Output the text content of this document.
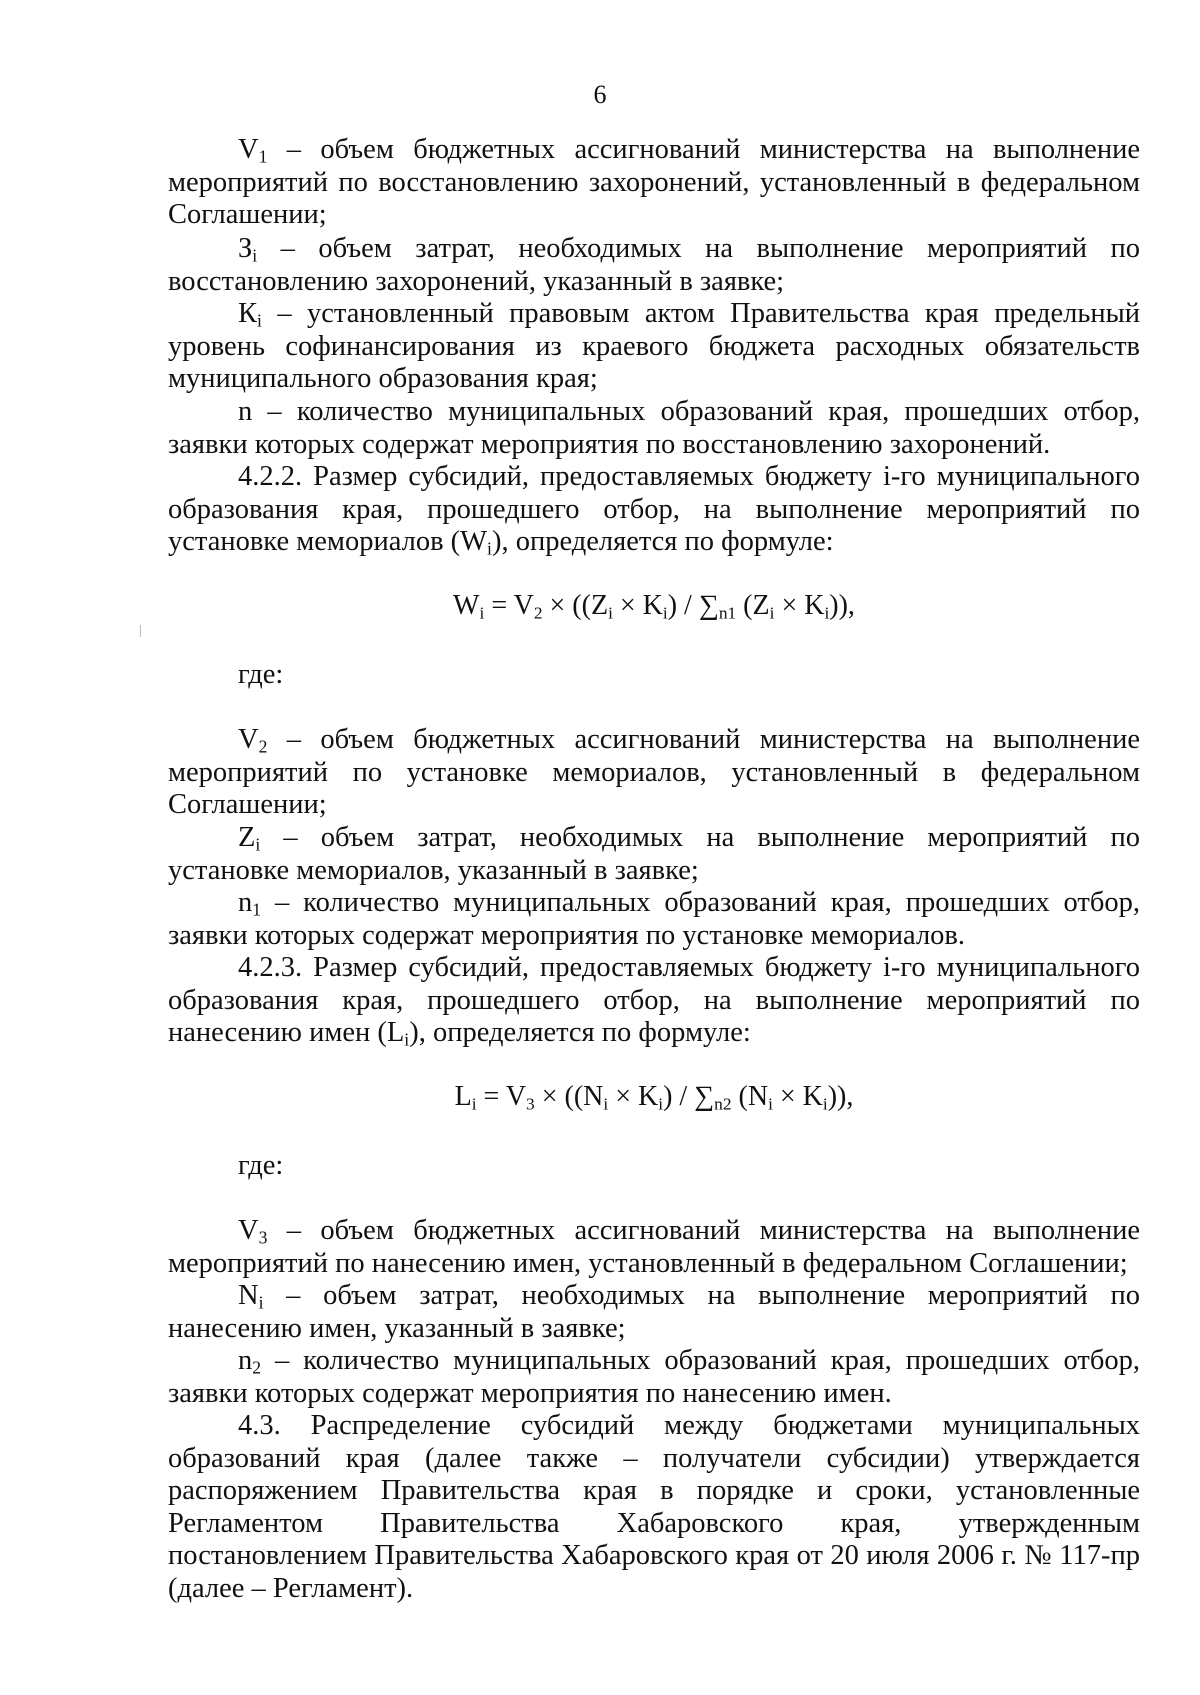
6

$V_1$ – объем бюджетных ассигнований министерства на выполнение мероприятий по восстановлению захоронений, установленный в федеральном Соглашении;

$З_i$ – объем затрат, необходимых на выполнение мероприятий по восстановлению захоронений, указанный в заявке;

$К_i$ – установленный правовым актом Правительства края предельный уровень софинансирования из краевого бюджета расходных обязательств муниципального образования края;

n – количество муниципальных образований края, прошедших отбор, заявки которых содержат мероприятия по восстановлению захоронений.

4.2.2. Размер субсидий, предоставляемых бюджету i-го муниципального образования края, прошедшего отбор, на выполнение мероприятий по установке мемориалов $(W_i)$, определяется по формуле:

$W_i = V_2 \times ((Z_i \times K_i) / \sum_{n1}$ $(Z_i \times K_i)$),

где:

$V_2$ – объем бюджетных ассигнований министерства на выполнение мероприятий по установке мемориалов, установленный в федеральном Соглашении;

$Z_i$ – объем затрат, необходимых на выполнение мероприятий по установке мемориалов, указанный в заявке;

$n_1$ – количество муниципальных образований края, прошедших отбор, заявки которых содержат мероприятия по установке мемориалов.

4.2.3. Размер субсидий, предоставляемых бюджету i-го муниципального образования края, прошедшего отбор, на выполнение мероприятий по нанесению имен $(L_i)$, определяется по формуле:

$L_i = V_3 \times ((N_i \times K_i) / \sum_{n2}$ $(N_i \times K_i)$),

где:

$V_3$ – объем бюджетных ассигнований министерства на выполнение мероприятий по нанесению имен, установленный в федеральном Соглашении;

$N_i$ – объем затрат, необходимых на выполнение мероприятий по нанесению имен, указанный в заявке;

$n_2$ – количество муниципальных образований края, прошедших отбор, заявки которых содержат мероприятия по нанесению имен.

4.3. Распределение субсидий между бюджетами муниципальных образований края (далее также – получатели субсидии) утверждается распоряжением Правительства края в порядке и сроки, установленные Регламентом Правительства Хабаровского края, утвержденным постановлением Правительства Хабаровского края от 20 июля 2006 г. № 117-пр (далее – Регламент).
